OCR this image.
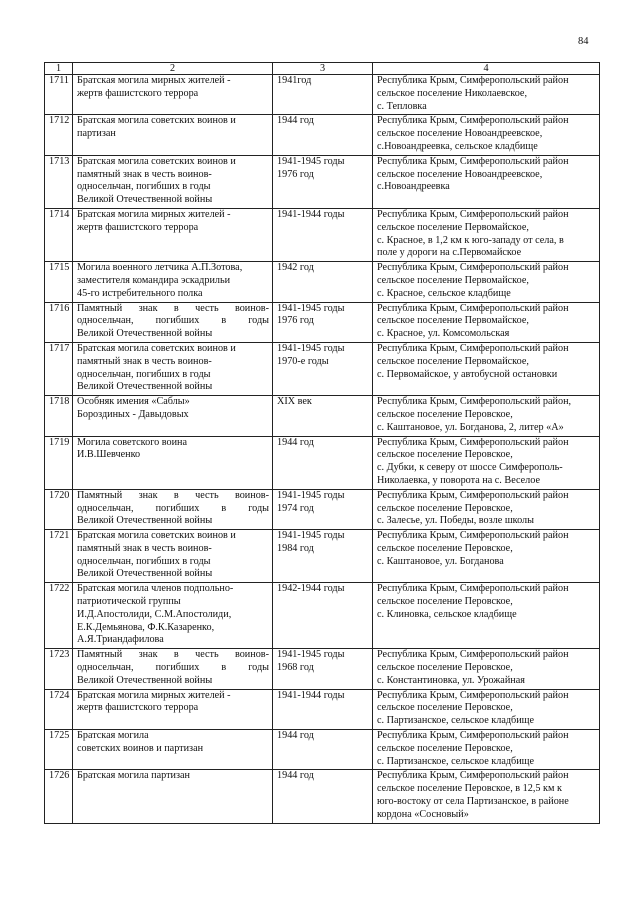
84
1	2	3	4
1711	Братская могила мирных жителей -
жертв фашистского террора	1941год	Республика Крым, Симферопольский район
сельское поселение Николаевское,
с. Тепловка

1712	Братская могила советских воинов и
партизан	1944 год	Республика Крым, Симферопольский район
сельское поселение Новоандреевское,
с.Новоандреевка, сельское кладбище

1713	Братская могила советских воинов и
памятный знак в честь воинов-
односельчан, погибших в годы
Великой Отечественной войны	1941-1945 годы
1976 год	Республика Крым, Симферопольский район
сельское поселение Новоандреевское,
с.Новоандреевка

1714	Братская могила мирных жителей -
жертв фашистского террора	1941-1944 годы	Республика Крым, Симферопольский район
сельское поселение Первомайское,
с. Красное, в 1,2 км к юго-западу от села, в
поле у дороги на с.Первомайское

1715	Могила военного летчика А.П.Зотова,
заместителя командира эскадрильи
45-го истребительного полка	1942 год	Республика Крым, Симферопольский район
сельское поселение Первомайское,
с. Красное, сельское кладбище

1716	Памятный знак в честь воинов-
односельчан, погибших в годы
Великой Отечественной войны	1941-1945 годы
1976 год	Республика Крым, Симферопольский район
сельское поселение Первомайское,
с. Красное, ул. Комсомольская

1717	Братская могила советских воинов и
памятный знак в честь воинов-
односельчан, погибших в годы
Великой Отечественной войны	1941-1945 годы
1970-е годы	Республика Крым, Симферопольский район
сельское поселение Первомайское,
с. Первомайское, у автобусной остановки

1718	Особняк имения «Саблы»
Бороздиных - Давыдовых	XIX век	Республика Крым, Симферопольский район,
сельское поселение Перовское,
с. Каштановое, ул. Богданова, 2, литер «А»

1719	Могила советского воина
И.В.Шевченко	1944 год	Республика Крым, Симферопольский район
сельское поселение Перовское,
с. Дубки, к северу от шоссе Симферополь-
Николаевка, у поворота на с. Веселое

1720	Памятный знак в честь воинов-
односельчан, погибших в годы
Великой Отечественной войны	1941-1945 годы
1974 год	Республика Крым, Симферопольский район
сельское поселение Перовское,
с. Залесье, ул. Победы, возле школы

1721	Братская могила советских воинов и
памятный знак в честь воинов-
односельчан, погибших в годы
Великой Отечественной войны	1941-1945 годы
1984 год	Республика Крым, Симферопольский район
сельское поселение Перовское,
с. Каштановое, ул. Богданова

1722	Братская могила членов подпольно-
патриотической группы
И.Д.Апостолиди, С.М.Апостолиди,
Е.К.Демьянова, Ф.К.Казаренко,
А.Я.Триандафилова	1942-1944 годы	Республика Крым, Симферопольский район
сельское поселение Перовское,
с. Клиновка, сельское кладбище

1723	Памятный знак в честь воинов-
односельчан, погибших в годы
Великой Отечественной войны	1941-1945 годы
1968 год	Республика Крым, Симферопольский район
сельское поселение Перовское,
с. Константиновка, ул. Урожайная

1724	Братская могила мирных жителей -
жертв фашистского террора	1941-1944 годы	Республика Крым, Симферопольский район
сельское поселение Перовское,
с. Партизанское, сельское кладбище

1725	Братская могила
советских воинов и партизан	1944 год	Республика Крым, Симферопольский район
сельское поселение Перовское,
с. Партизанское, сельское кладбище

1726	Братская могила партизан	1944 год	Республика Крым, Симферопольский район
сельское поселение Перовское, в 12,5 км к
юго-востоку от села Партизанское, в районе
кордона «Сосновый»
